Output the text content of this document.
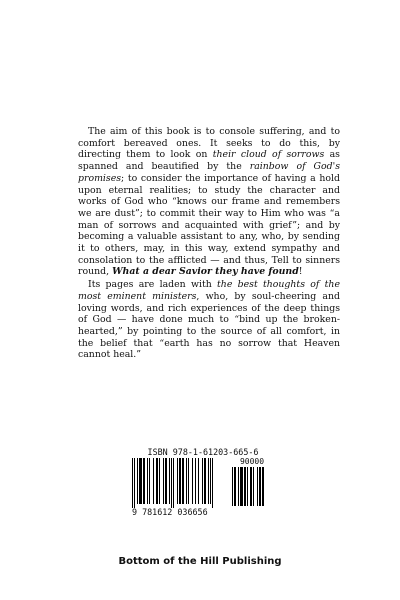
The aim of this book is to console suffering, and to comfort bereaved ones. It seeks to do this, by directing them to look on their cloud of sorrows as spanned and beautified by the rainbow of God's promises; to consider the importance of having a hold upon eternal realities; to study the character and works of God who “knows our frame and remembers we are dust”; to commit their way to Him who was “a man of sorrows and acquainted with grief”; and by becoming a valuable assistant to any, who, by sending it to others, may, in this way, extend sympathy and consolation to the afflicted — and thus, Tell to sinners round, What a dear Savior they have found!

Its pages are laden with the best thoughts of the most eminent ministers, who, by soul-cheering and loving words, and rich experiences of the deep things of God — have done much to “bind up the broken-hearted,” by pointing to the source of all comfort, in the belief that “earth has no sorrow that Heaven cannot heal.”

ISBN 978-1-61203-665-6
90000
9 781612 036656
Bottom of the Hill Publishing
